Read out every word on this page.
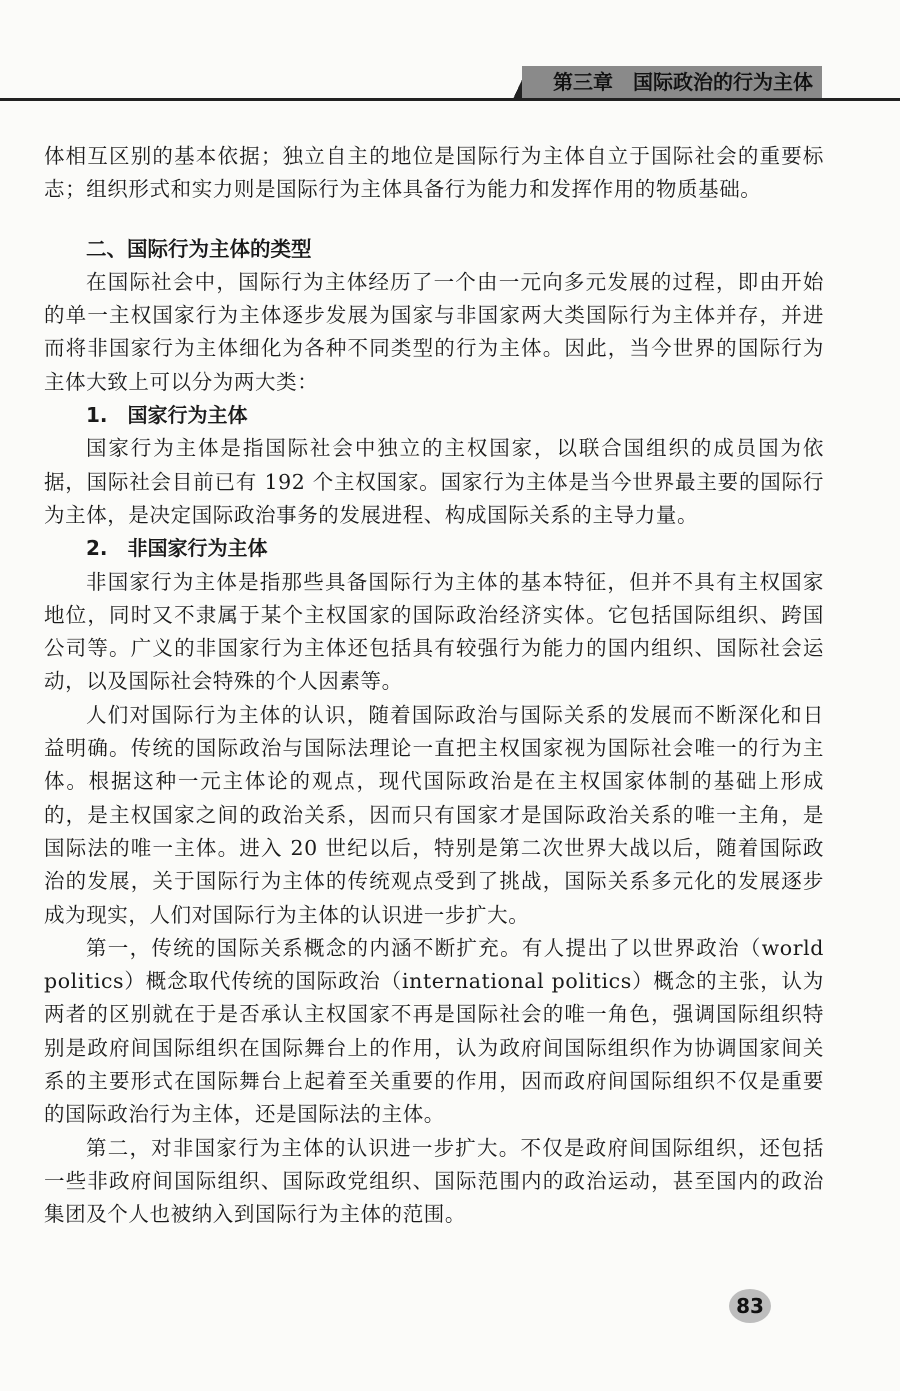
第三章　国际政治的行为主体

体相互区别的基本依据；独立自主的地位是国际行为主体自立于国际社会的重要标志；组织形式和实力则是国际行为主体具备行为能力和发挥作用的物质基础。

二、国际行为主体的类型

在国际社会中，国际行为主体经历了一个由一元向多元发展的过程，即由开始的单一主权国家行为主体逐步发展为国家与非国家两大类国际行为主体并存，并进而将非国家行为主体细化为各种不同类型的行为主体。因此，当今世界的国际行为主体大致上可以分为两大类：

1.　国家行为主体

国家行为主体是指国际社会中独立的主权国家，以联合国组织的成员国为依据，国际社会目前已有 192 个主权国家。国家行为主体是当今世界最主要的国际行为主体，是决定国际政治事务的发展进程、构成国际关系的主导力量。

2.　非国家行为主体

非国家行为主体是指那些具备国际行为主体的基本特征，但并不具有主权国家地位，同时又不隶属于某个主权国家的国际政治经济实体。它包括国际组织、跨国公司等。广义的非国家行为主体还包括具有较强行为能力的国内组织、国际社会运动，以及国际社会特殊的个人因素等。

人们对国际行为主体的认识，随着国际政治与国际关系的发展而不断深化和日益明确。传统的国际政治与国际法理论一直把主权国家视为国际社会唯一的行为主体。根据这种一元主体论的观点，现代国际政治是在主权国家体制的基础上形成的，是主权国家之间的政治关系，因而只有国家才是国际政治关系的唯一主角，是国际法的唯一主体。进入 20 世纪以后，特别是第二次世界大战以后，随着国际政治的发展，关于国际行为主体的传统观点受到了挑战，国际关系多元化的发展逐步成为现实，人们对国际行为主体的认识进一步扩大。

第一，传统的国际关系概念的内涵不断扩充。有人提出了以世界政治（world politics）概念取代传统的国际政治（international politics）概念的主张，认为两者的区别就在于是否承认主权国家不再是国际社会的唯一角色，强调国际组织特别是政府间国际组织在国际舞台上的作用，认为政府间国际组织作为协调国家间关系的主要形式在国际舞台上起着至关重要的作用，因而政府间国际组织不仅是重要的国际政治行为主体，还是国际法的主体。

第二，对非国家行为主体的认识进一步扩大。不仅是政府间国际组织，还包括一些非政府间国际组织、国际政党组织、国际范围内的政治运动，甚至国内的政治集团及个人也被纳入到国际行为主体的范围。

83
